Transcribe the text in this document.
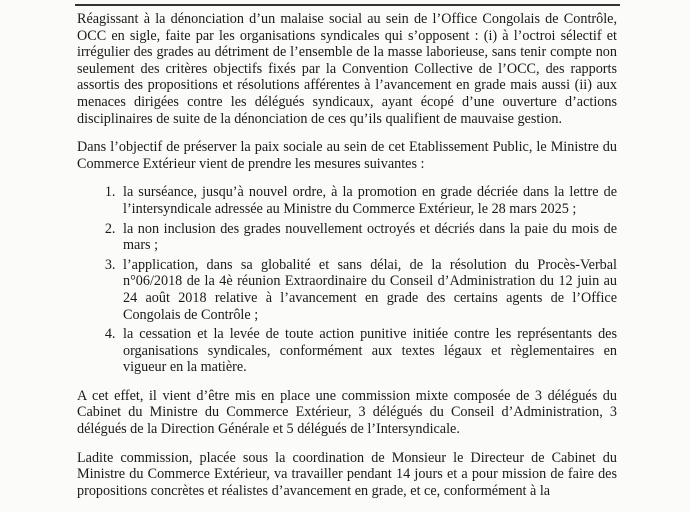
Réagissant à la dénonciation d’un malaise social au sein de l’Office Congolais de Contrôle, OCC en sigle, faite par les organisations syndicales qui s’opposent : (i) à l’octroi sélectif et irrégulier des grades au détriment de l’ensemble de la masse laborieuse, sans tenir compte non seulement des critères objectifs fixés par la Convention Collective de l’OCC, des rapports assortis des propositions et résolutions afférentes à l’avancement en grade mais aussi (ii) aux menaces dirigées contre les délégués syndicaux, ayant écopé d’une ouverture d’actions disciplinaires de suite de la dénonciation de ces qu’ils qualifient de mauvaise gestion.

Dans l’objectif de préserver la paix sociale au sein de cet Etablissement Public, le Ministre du Commerce Extérieur vient de prendre les mesures suivantes :

1. la surséance, jusqu’à nouvel ordre, à la promotion en grade décriée dans la lettre de l’intersyndicale adressée au Ministre du Commerce Extérieur, le 28 mars 2025 ;
2. la non inclusion des grades nouvellement octroyés et décriés dans la paie du mois de mars ;
3. l’application, dans sa globalité et sans délai, de la résolution du Procès-Verbal n°06/2018 de la 4è réunion Extraordinaire du Conseil d’Administration du 12 juin au 24 août 2018 relative à l’avancement en grade des certains agents de l’Office Congolais de Contrôle ;
4. la cessation et la levée de toute action punitive initiée contre les représentants des organisations syndicales, conformément aux textes légaux et règlementaires en vigueur en la matière.

A cet effet, il vient d’être mis en place une commission mixte composée de 3 délégués du Cabinet du Ministre du Commerce Extérieur, 3 délégués du Conseil d’Administration, 3 délégués de la Direction Générale et 5 délégués de l’Intersyndicale.

Ladite commission, placée sous la coordination de Monsieur le Directeur de Cabinet du Ministre du Commerce Extérieur, va travailler pendant 14 jours et a pour mission de faire des propositions concrètes et réalistes d’avancement en grade, et ce, conformément à la
